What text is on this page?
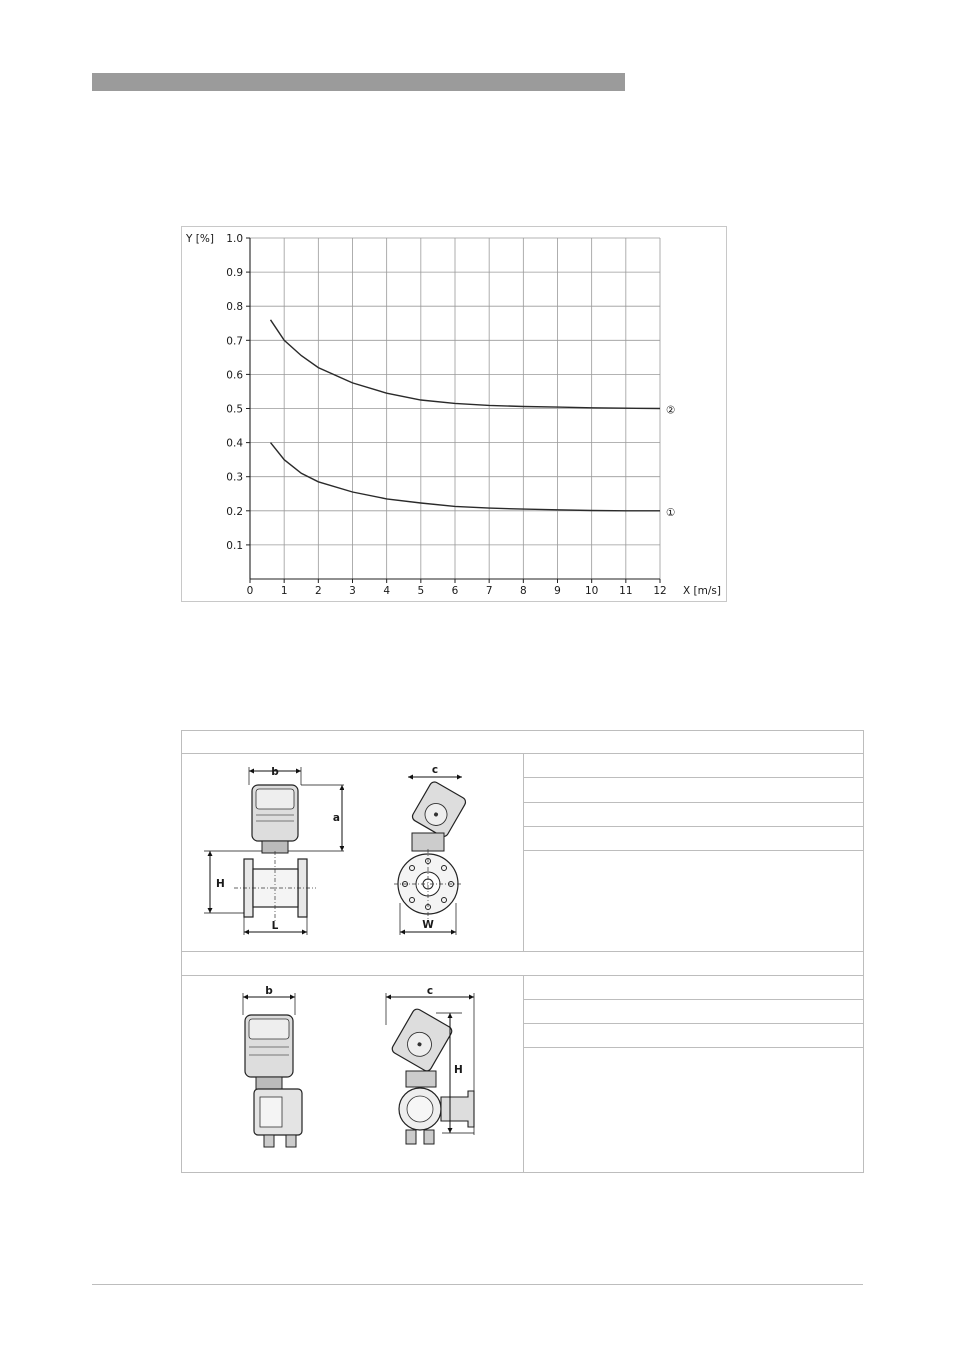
0	1	2	3	4	5	6	7	8	9 10 11 12
0.1
0.2
0.3
0.4
0.5
0.6
0.7
0.8
0.9
1.0
Y [%]
X [m/s]
②
①
b
a
H
L
c
W
b	c
H
